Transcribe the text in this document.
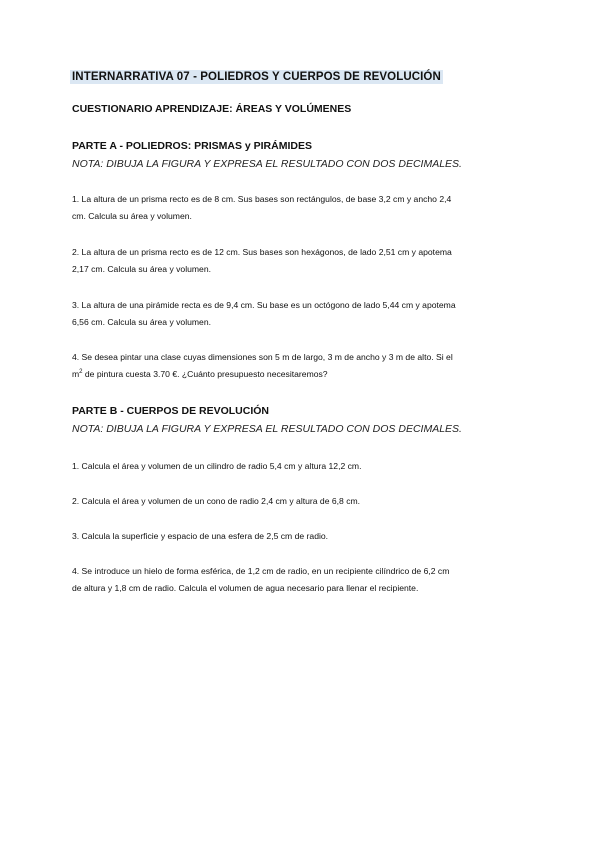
INTERNARRATIVA 07 - POLIEDROS Y CUERPOS DE REVOLUCIÓN
CUESTIONARIO APRENDIZAJE: ÁREAS Y VOLÚMENES
PARTE A - POLIEDROS: PRISMAS y PIRÁMIDES
NOTA: DIBUJA LA FIGURA Y EXPRESA EL RESULTADO CON DOS DECIMALES.
1. La altura de un prisma recto es de 8 cm. Sus bases son rectángulos, de base 3,2 cm y ancho 2,4
cm. Calcula su área y volumen.
2. La altura de un prisma recto es de 12 cm. Sus bases son hexágonos, de lado 2,51 cm y apotema
2,17 cm. Calcula su área y volumen.
3. La altura de una pirámide recta es de 9,4 cm. Su base es un octógono de lado 5,44 cm y apotema
6,56 cm. Calcula su área y volumen.
4. Se desea pintar una clase cuyas dimensiones son 5 m de largo, 3 m de ancho y 3 m de alto. Si el
$m^2$ de pintura cuesta 3.70 €. ¿Cuánto presupuesto necesitaremos?
PARTE B - CUERPOS DE REVOLUCIÓN
NOTA: DIBUJA LA FIGURA Y EXPRESA EL RESULTADO CON DOS DECIMALES.
1. Calcula el área y volumen de un cilindro de radio 5,4 cm y altura 12,2 cm.
2. Calcula el área y volumen de un cono de radio 2,4 cm y altura de 6,8 cm.
3. Calcula la superficie y espacio de una esfera de 2,5 cm de radio.
4. Se introduce un hielo de forma esférica, de 1,2 cm de radio, en un recipiente cilíndrico de 6,2 cm
de altura y 1,8 cm de radio. Calcula el volumen de agua necesario para llenar el recipiente.
